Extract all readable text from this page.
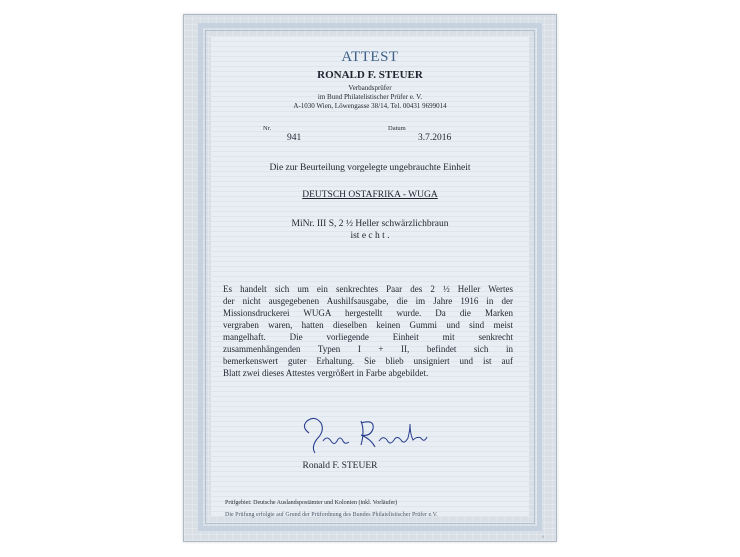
ATTEST
RONALD F. STEUER
Verbandsprüfer
im Bund Philatelistischer Prüfer e. V.
A-1030 Wien, Löwengasse 38/14, Tel. 00431 9699014
Nr.
941
Datum
3.7.2016
Die zur Beurteilung vorgelegte ungebrauchte Einheit
DEUTSCH OSTAFRIKA - WUGA
MiNr. III S, 2 ½ Heller schwärzlichbraun
ist e c h t .
Es handelt sich um ein senkrechtes Paar des 2 ½ Heller Wertes
der nicht ausgegebenen Aushilfsausgabe, die im Jahre 1916 in der
Missionsdruckerei WUGA hergestellt wurde. Da die Marken
vergraben waren, hatten dieselben keinen Gummi und sind meist
mangelhaft. Die vorliegende Einheit mit senkrecht
zusammenhängenden Typen I + II, befindet sich in
bemerkenswert guter Erhaltung. Sie blieb unsigniert und ist auf
Blatt zwei dieses Attestes vergrößert in Farbe abgebildet.
Steuer Ronald
Ronald F. STEUER
Prüfgebiet: Deutsche Auslandspostämter und Kolonien (inkl. Vorläufer)
Die Prüfung erfolgte auf Grund der Prüfordnung des Bundes Philatelistischer Prüfer e.V.
◊
